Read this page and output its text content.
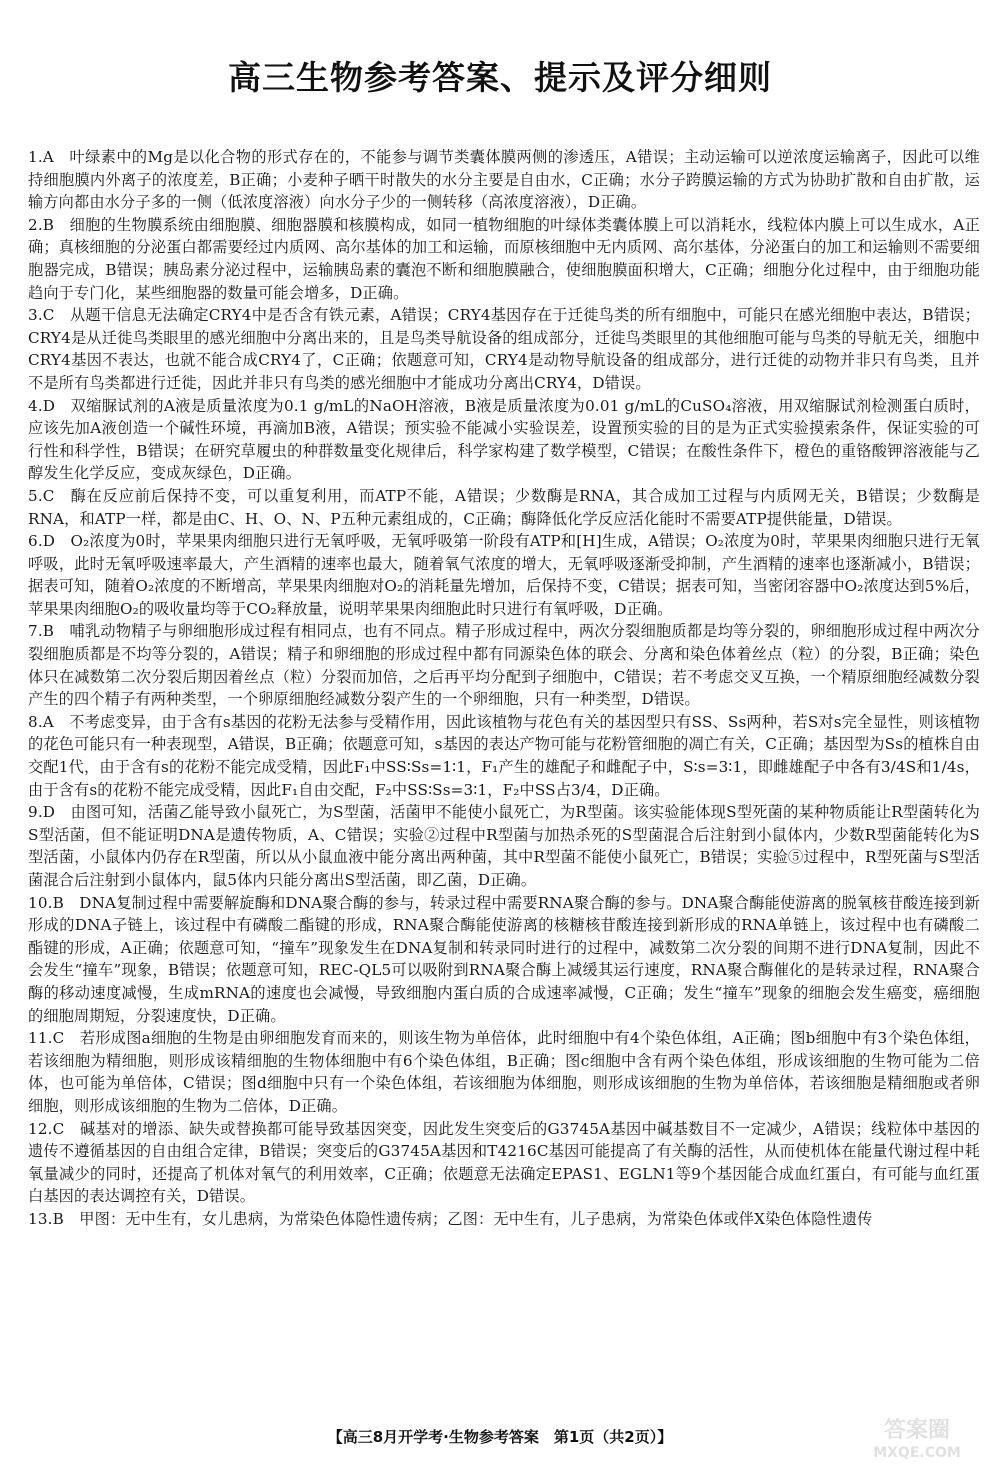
高三生物参考答案、提示及评分细则

1.A  叶绿素中的Mg是以化合物的形式存在的，不能参与调节类囊体膜两侧的渗透压，A错误；主动运输可以逆浓度运输离子，因此可以维持细胞膜内外离子的浓度差，B正确；小麦种子晒干时散失的水分主要是自由水，C正确；水分子跨膜运输的方式为协助扩散和自由扩散，运输方向都由水分子多的一侧（低浓度溶液）向水分子少的一侧转移（高浓度溶液），D正确。

2.B  细胞的生物膜系统由细胞膜、细胞器膜和核膜构成，如同一植物细胞的叶绿体类囊体膜上可以消耗水，线粒体内膜上可以生成水，A正确；真核细胞的分泌蛋白都需要经过内质网、高尔基体的加工和运输，而原核细胞中无内质网、高尔基体，分泌蛋白的加工和运输则不需要细胞器完成，B错误；胰岛素分泌过程中，运输胰岛素的囊泡不断和细胞膜融合，使细胞膜面积增大，C正确；细胞分化过程中，由于细胞功能趋向于专门化，某些细胞器的数量可能会增多，D正确。

3.C  从题干信息无法确定CRY4中是否含有铁元素，A错误；CRY4基因存在于迁徙鸟类的所有细胞中，可能只在感光细胞中表达，B错误；CRY4是从迁徙鸟类眼里的感光细胞中分离出来的，且是鸟类导航设备的组成部分，迁徙鸟类眼里的其他细胞可能与鸟类的导航无关，细胞中CRY4基因不表达，也就不能合成CRY4了，C正确；依题意可知，CRY4是动物导航设备的组成部分，进行迁徙的动物并非只有鸟类，且并不是所有鸟类都进行迁徙，因此并非只有鸟类的感光细胞中才能成功分离出CRY4，D错误。

4.D  双缩脲试剂的A液是质量浓度为0.1 g/mL的NaOH溶液，B液是质量浓度为0.01 g/mL的CuSO₄溶液，用双缩脲试剂检测蛋白质时，应该先加A液创造一个碱性环境，再滴加B液，A错误；预实验不能减小实验误差，设置预实验的目的是为正式实验摸索条件，保证实验的可行性和科学性，B错误；在研究草履虫的种群数量变化规律后，科学家构建了数学模型，C错误；在酸性条件下，橙色的重铬酸钾溶液能与乙醇发生化学反应，变成灰绿色，D正确。

5.C  酶在反应前后保持不变，可以重复利用，而ATP不能，A错误；少数酶是RNA，其合成加工过程与内质网无关，B错误；少数酶是RNA，和ATP一样，都是由C、H、O、N、P五种元素组成的，C正确；酶降低化学反应活化能时不需要ATP提供能量，D错误。

6.D  O₂浓度为0时，苹果果肉细胞只进行无氧呼吸，无氧呼吸第一阶段有ATP和[H]生成，A错误；O₂浓度为0时，苹果果肉细胞只进行无氧呼吸，此时无氧呼吸速率最大，产生酒精的速率也最大，随着氧气浓度的增大，无氧呼吸逐渐受抑制，产生酒精的速率也逐渐减小，B错误；据表可知，随着O₂浓度的不断增高，苹果果肉细胞对O₂的消耗量先增加，后保持不变，C错误；据表可知，当密闭容器中O₂浓度达到5%后，苹果果肉细胞O₂的吸收量均等于CO₂释放量，说明苹果果肉细胞此时只进行有氧呼吸，D正确。

7.B  哺乳动物精子与卵细胞形成过程有相同点，也有不同点。精子形成过程中，两次分裂细胞质都是均等分裂的，卵细胞形成过程中两次分裂细胞质都是不均等分裂的，A错误；精子和卵细胞的形成过程中都有同源染色体的联会、分离和染色体着丝点（粒）的分裂，B正确；染色体只在减数第二次分裂后期因着丝点（粒）分裂而加倍，之后再平均分配到子细胞中，C错误；若不考虑交叉互换，一个精原细胞经减数分裂产生的四个精子有两种类型，一个卵原细胞经减数分裂产生的一个卵细胞，只有一种类型，D错误。

8.A  不考虑变异，由于含有s基因的花粉无法参与受精作用，因此该植物与花色有关的基因型只有SS、Ss两种，若S对s完全显性，则该植物的花色可能只有一种表现型，A错误，B正确；依题意可知，s基因的表达产物可能与花粉管细胞的凋亡有关，C正确；基因型为Ss的植株自由交配1代，由于含有s的花粉不能完成受精，因此F₁中SS∶Ss=1∶1，F₁产生的雄配子和雌配子中，S∶s=3∶1，即雌雄配子中各有3/4S和1/4s，由于含有s的花粉不能完成受精，因此F₁自由交配，F₂中SS∶Ss=3∶1，F₂中SS占3/4，D正确。

9.D  由图可知，活菌乙能导致小鼠死亡，为S型菌，活菌甲不能使小鼠死亡，为R型菌。该实验能体现S型死菌的某种物质能让R型菌转化为S型活菌，但不能证明DNA是遗传物质，A、C错误；实验②过程中R型菌与加热杀死的S型菌混合后注射到小鼠体内，少数R型菌能转化为S型活菌，小鼠体内仍存在R型菌，所以从小鼠血液中能分离出两种菌，其中R型菌不能使小鼠死亡，B错误；实验⑤过程中，R型死菌与S型活菌混合后注射到小鼠体内，鼠5体内只能分离出S型活菌，即乙菌，D正确。

10.B  DNA复制过程中需要解旋酶和DNA聚合酶的参与，转录过程中需要RNA聚合酶的参与。DNA聚合酶能使游离的脱氧核苷酸连接到新形成的DNA子链上，该过程中有磷酸二酯键的形成，RNA聚合酶能使游离的核糖核苷酸连接到新形成的RNA单链上，该过程中也有磷酸二酯键的形成，A正确；依题意可知，“撞车”现象发生在DNA复制和转录同时进行的过程中，减数第二次分裂的间期不进行DNA复制，因此不会发生“撞车”现象，B错误；依题意可知，REC-QL5可以吸附到RNA聚合酶上减缓其运行速度，RNA聚合酶催化的是转录过程，RNA聚合酶的移动速度减慢，生成mRNA的速度也会减慢，导致细胞内蛋白质的合成速率减慢，C正确；发生“撞车”现象的细胞会发生癌变，癌细胞的细胞周期短，分裂速度快，D正确。

11.C  若形成图a细胞的生物是由卵细胞发育而来的，则该生物为单倍体，此时细胞中有4个染色体组，A正确；图b细胞中有3个染色体组，若该细胞为精细胞，则形成该精细胞的生物体细胞中有6个染色体组，B正确；图c细胞中含有两个染色体组，形成该细胞的生物可能为二倍体，也可能为单倍体，C错误；图d细胞中只有一个染色体组，若该细胞为体细胞，则形成该细胞的生物为单倍体，若该细胞是精细胞或者卵细胞，则形成该细胞的生物为二倍体，D正确。

12.C  碱基对的增添、缺失或替换都可能导致基因突变，因此发生突变后的G3745A基因中碱基数目不一定减少，A错误；线粒体中基因的遗传不遵循基因的自由组合定律，B错误；突变后的G3745A基因和T4216C基因可能提高了有关酶的活性，从而使机体在能量代谢过程中耗氧量减少的同时，还提高了机体对氧气的利用效率，C正确；依题意无法确定EPAS1、EGLN1等9个基因能合成血红蛋白，有可能与血红蛋白基因的表达调控有关，D错误。

13.B  甲图：无中生有，女儿患病，为常染色体隐性遗传病；乙图：无中生有，儿子患病，为常染色体或伴X染色体隐性遗传

【高三8月开学考·生物参考答案　第1页（共2页）】	答案圈
MXQE.COM
